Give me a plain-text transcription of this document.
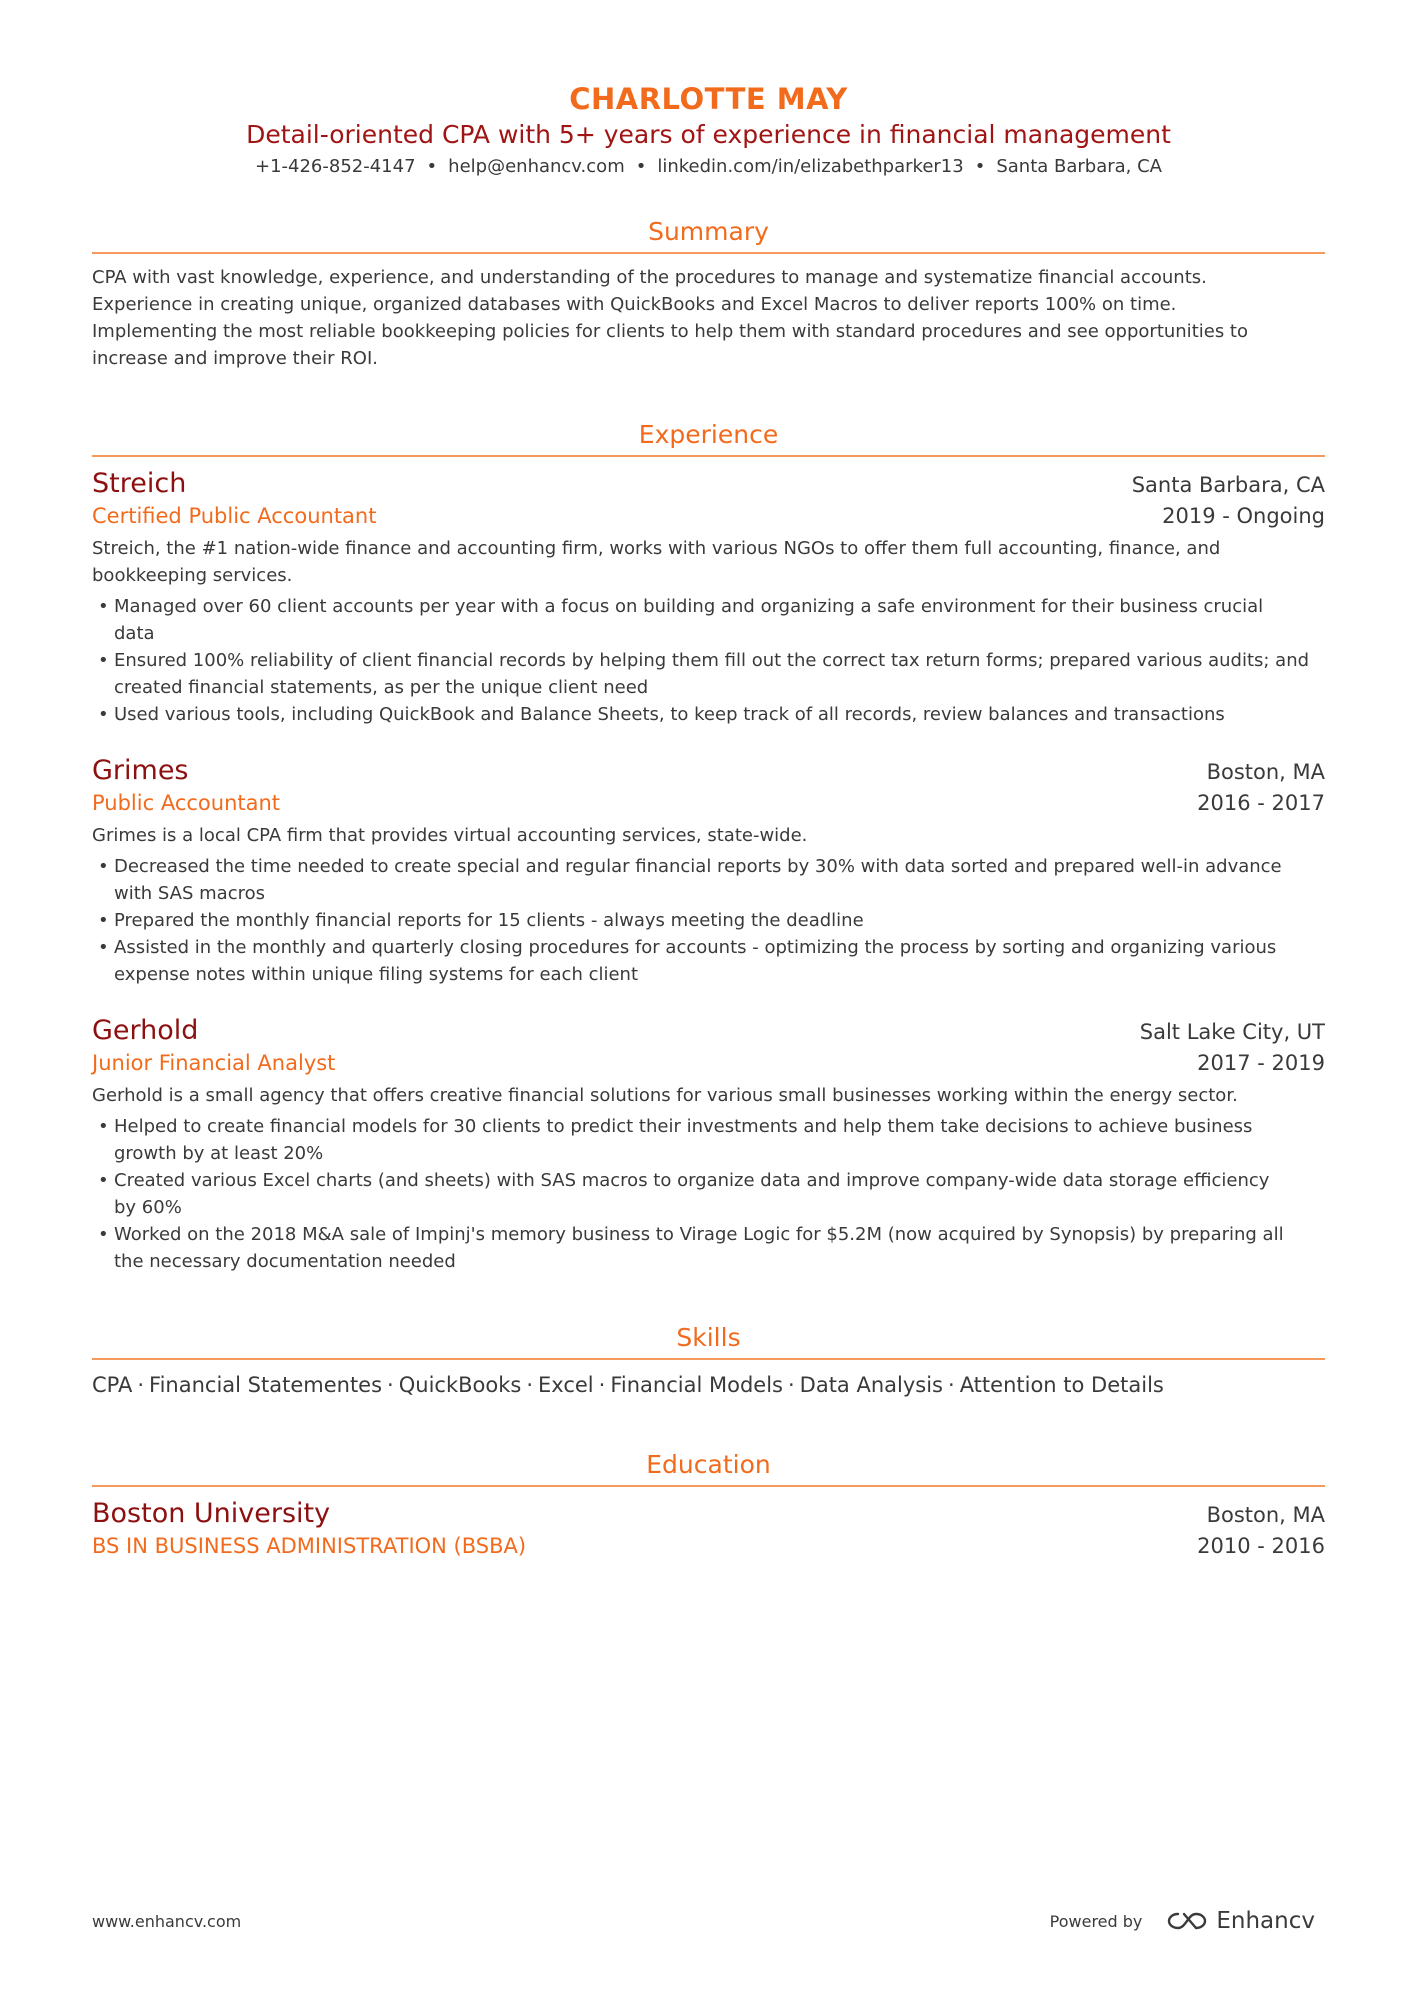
CHARLOTTE MAY
Detail-oriented CPA with 5+ years of experience in financial management
+1-426-852-4147 • help@enhancv.com • linkedin.com/in/elizabethparker13 • Santa Barbara, CA
Summary
CPA with vast knowledge, experience, and understanding of the procedures to manage and systematize financial accounts.
Experience in creating unique, organized databases with QuickBooks and Excel Macros to deliver reports 100% on time.
Implementing the most reliable bookkeeping policies for clients to help them with standard procedures and see opportunities to
increase and improve their ROI.
Experience
Streich	Santa Barbara, CA
Certified Public Accountant	2019 - Ongoing
Streich, the #1 nation-wide finance and accounting firm, works with various NGOs to offer them full accounting, finance, and
bookkeeping services.
• Managed over 60 client accounts per year with a focus on building and organizing a safe environment for their business crucial
data
• Ensured 100% reliability of client financial records by helping them fill out the correct tax return forms; prepared various audits; and
created financial statements, as per the unique client need
• Used various tools, including QuickBook and Balance Sheets, to keep track of all records, review balances and transactions
Grimes	Boston, MA
Public Accountant	2016 - 2017
Grimes is a local CPA firm that provides virtual accounting services, state-wide.
• Decreased the time needed to create special and regular financial reports by 30% with data sorted and prepared well-in advance
with SAS macros
• Prepared the monthly financial reports for 15 clients - always meeting the deadline
• Assisted in the monthly and quarterly closing procedures for accounts - optimizing the process by sorting and organizing various
expense notes within unique filing systems for each client
Gerhold	Salt Lake City, UT
Junior Financial Analyst	2017 - 2019
Gerhold is a small agency that offers creative financial solutions for various small businesses working within the energy sector.
• Helped to create financial models for 30 clients to predict their investments and help them take decisions to achieve business
growth by at least 20%
• Created various Excel charts (and sheets) with SAS macros to organize data and improve company-wide data storage efficiency
by 60%
• Worked on the 2018 M&A sale of Impinj's memory business to Virage Logic for $5.2M (now acquired by Synopsis) by preparing all
the necessary documentation needed
Skills
CPA · Financial Statementes · QuickBooks · Excel · Financial Models · Data Analysis · Attention to Details
Education
Boston University	Boston, MA
BS IN BUSINESS ADMINISTRATION (BSBA)	2010 - 2016
www.enhancv.com	Powered by	Enhancv
